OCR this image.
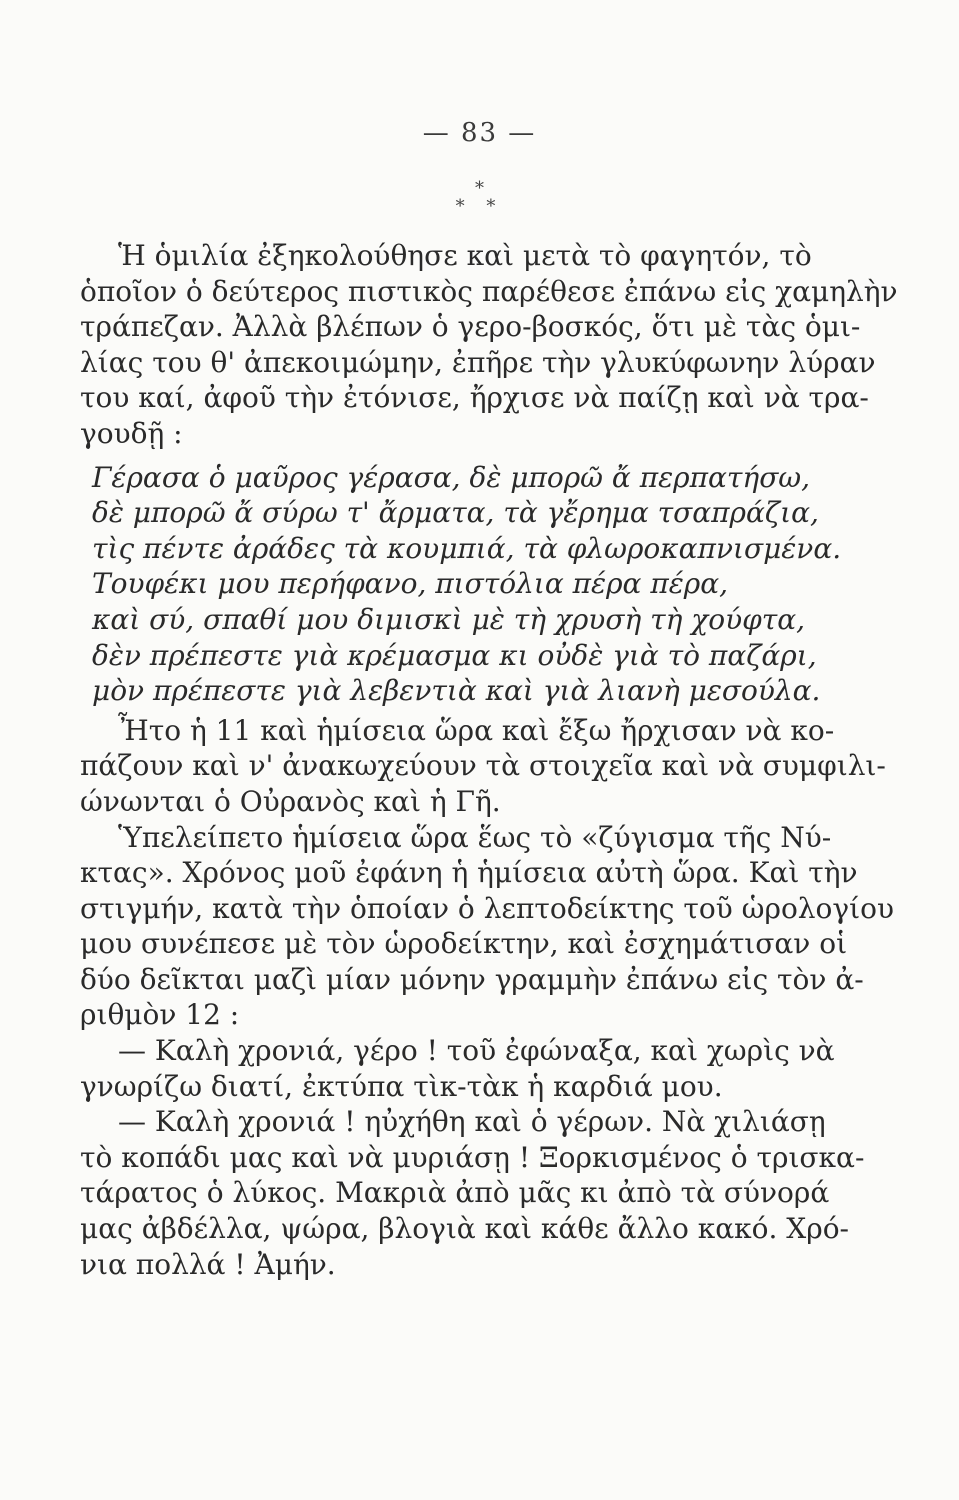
— 83 —
*
* *
Ἡ ὁμιλία ἐξηκολούθησε καὶ μετὰ τὸ φαγητόν, τὸ
ὁποῖον ὁ δεύτερος πιστικὸς παρέθεσε ἐπάνω εἰς χαμηλὴν
τράπεζαν. Ἀλλὰ βλέπων ὁ γερο-βοσκός, ὅτι μὲ τὰς ὁμι-
λίας του θ' ἀπεκοιμώμην, ἐπῆρε τὴν γλυκύφωνην λύραν
του καί, ἀφοῦ τὴν ἐτόνισε, ἤρχισε νὰ παίζῃ καὶ νὰ τρα-
γουδῇ :
Γέρασα ὁ μαῦρος γέρασα, δὲ μπορῶ ἄ περπατήσω,
δὲ μπορῶ ἄ σύρω τ' ἄρματα, τὰ γἔρημα τσαπράζια,
τὶς πέντε ἀράδες τὰ κουμπιά, τὰ φλωροκαπνισμένα.
Τουφέκι μου περήφανο, πιστόλια πέρα πέρα,
καὶ σύ, σπαθί μου διμισκὶ μὲ τὴ χρυσὴ τὴ χούφτα,
δὲν πρέπεστε γιὰ κρέμασμα κι οὐδὲ γιὰ τὸ παζάρι,
μὸν πρέπεστε γιὰ λεβεντιὰ καὶ γιὰ λιανὴ μεσούλα.
Ἦτο ἡ 11 καὶ ἡμίσεια ὥρα καὶ ἔξω ἤρχισαν νὰ κο-
πάζουν καὶ ν' ἀνακωχεύουν τὰ στοιχεῖα καὶ νὰ συμφιλι-
ώνωνται ὁ Οὐρανὸς καὶ ἡ Γῆ.
Ὑπελείπετο ἡμίσεια ὥρα ἕως τὸ «ζύγισμα τῆς Νύ-
κτας». Χρόνος μοῦ ἐφάνη ἡ ἡμίσεια αὐτὴ ὥρα. Καὶ τὴν
στιγμήν, κατὰ τὴν ὁποίαν ὁ λεπτοδείκτης τοῦ ὡρολογίου
μου συνέπεσε μὲ τὸν ὡροδείκτην, καὶ ἐσχημάτισαν οἱ
δύο δεῖκται μαζὶ μίαν μόνην γραμμὴν ἐπάνω εἰς τὸν ἀ-
ριθμὸν 12 :
— Καλὴ χρονιά, γέρο ! τοῦ ἐφώναξα, καὶ χωρὶς νὰ
γνωρίζω διατί, ἐκτύπα τὶκ-τὰκ ἡ καρδιά μου.
— Καλὴ χρονιά ! ηὐχήθη καὶ ὁ γέρων. Νὰ χιλιάσῃ
τὸ κοπάδι μας καὶ νὰ μυριάσῃ ! Ξορκισμένος ὁ τρισκα-
τάρατος ὁ λύκος. Μακριὰ ἀπὸ μᾶς κι ἀπὸ τὰ σύνορά
μας ἀβδέλλα, ψώρα, βλογιὰ καὶ κάθε ἄλλο κακό. Χρό-
νια πολλά ! Ἀμήν.
